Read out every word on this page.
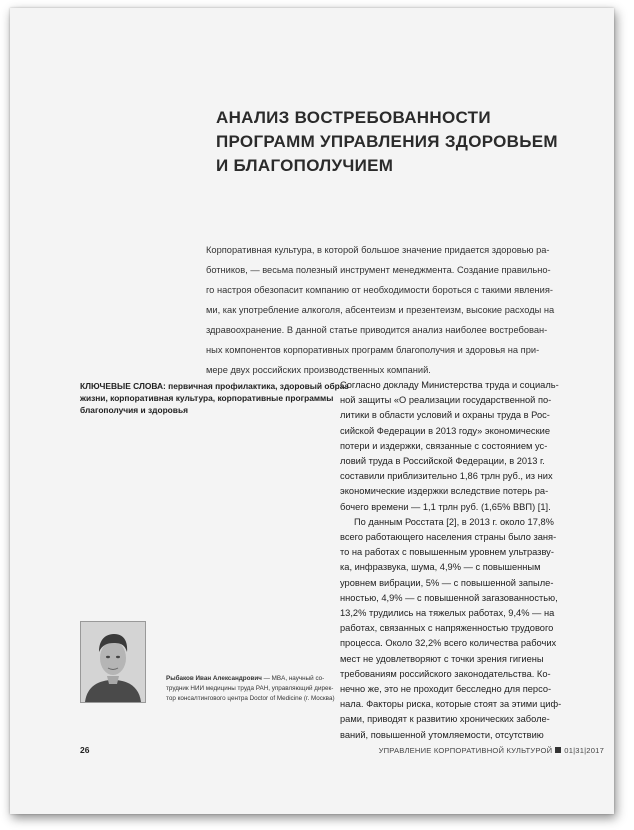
АНАЛИЗ ВОСТРЕБОВАННОСТИ
ПРОГРАММ УПРАВЛЕНИЯ ЗДОРОВЬЕМ
И БЛАГОПОЛУЧИЕМ
Корпоративная культура, в которой большое значение придается здоровью ра-
ботников, — весьма полезный инструмент менеджмента. Создание правильно-
го настроя обезопасит компанию от необходимости бороться с такими явления-
ми, как употребление алкоголя, абсентеизм и презентеизм, высокие расходы на
здравоохранение. В данной статье приводится анализ наиболее востребован-
ных компонентов корпоративных программ благополучия и здоровья на при-
мере двух российских производственных компаний.
КЛЮЧЕВЫЕ СЛОВА: первичная профилактика, здоровый образ
жизни, корпоративная культура, корпоративные программы
благополучия и здоровья
Согласно докладу Министерства труда и социаль-
ной защиты «О реализации государственной по-
литики в области условий и охраны труда в Рос-
сийской Федерации в 2013 году» экономические
потери и издержки, связанные с состоянием ус-
ловий труда в Российской Федерации, в 2013 г.
составили приблизительно 1,86 трлн руб., из них
экономические издержки вследствие потерь ра-
бочего времени — 1,1 трлн руб. (1,65% ВВП) [1].
По данным Росстата [2], в 2013 г. около 17,8%
всего работающего населения страны было заня-
то на работах с повышенным уровнем ультразву-
ка, инфразвука, шума, 4,9% — с повышенным
уровнем вибрации, 5% — с повышенной запыле-
нностью, 4,9% — с повышенной загазованностью,
13,2% трудились на тяжелых работах, 9,4% — на
работах, связанных с напряженностью трудового
процесса. Около 32,2% всего количества рабочих
мест не удовлетворяют с точки зрения гигиены
требованиям российского законодательства. Ко-
нечно же, это не проходит бесследно для персо-
нала. Факторы риска, которые стоят за этими циф-
рами, приводят к развитию хронических заболе-
ваний, повышенной утомляемости, отсутствию
Рыбаков Иван Александрович — MBA, научный со-
трудник НИИ медицины труда РАН, управляющий дирек-
тор консалтингового центра Doctor of Medicine (г. Москва)
26	УПРАВЛЕНИЕ КОРПОРАТИВНОЙ КУЛЬТУРОЙ 01|31|2017
